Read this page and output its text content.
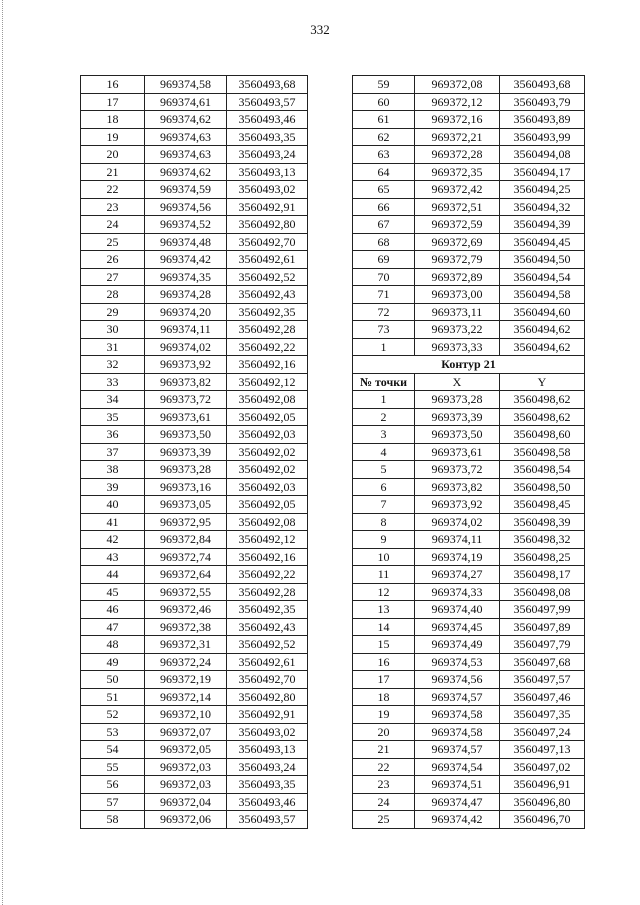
332
16	969374,58	3560493,68
17	969374,61	3560493,57
18	969374,62	3560493,46
19	969374,63	3560493,35
20	969374,63	3560493,24
21	969374,62	3560493,13
22	969374,59	3560493,02
23	969374,56	3560492,91
24	969374,52	3560492,80
25	969374,48	3560492,70
26	969374,42	3560492,61
27	969374,35	3560492,52
28	969374,28	3560492,43
29	969374,20	3560492,35
30	969374,11	3560492,28
31	969374,02	3560492,22
32	969373,92	3560492,16
33	969373,82	3560492,12
34	969373,72	3560492,08
35	969373,61	3560492,05
36	969373,50	3560492,03
37	969373,39	3560492,02
38	969373,28	3560492,02
39	969373,16	3560492,03
40	969373,05	3560492,05
41	969372,95	3560492,08
42	969372,84	3560492,12
43	969372,74	3560492,16
44	969372,64	3560492,22
45	969372,55	3560492,28
46	969372,46	3560492,35
47	969372,38	3560492,43
48	969372,31	3560492,52
49	969372,24	3560492,61
50	969372,19	3560492,70
51	969372,14	3560492,80
52	969372,10	3560492,91
53	969372,07	3560493,02
54	969372,05	3560493,13
55	969372,03	3560493,24
56	969372,03	3560493,35
57	969372,04	3560493,46
58	969372,06	3560493,57
59	969372,08	3560493,68
60	969372,12	3560493,79
61	969372,16	3560493,89
62	969372,21	3560493,99
63	969372,28	3560494,08
64	969372,35	3560494,17
65	969372,42	3560494,25
66	969372,51	3560494,32
67	969372,59	3560494,39
68	969372,69	3560494,45
69	969372,79	3560494,50
70	969372,89	3560494,54
71	969373,00	3560494,58
72	969373,11	3560494,60
73	969373,22	3560494,62
1	969373,33	3560494,62
Контур 21		
№ точки	X	Y
1	969373,28	3560498,62
2	969373,39	3560498,62
3	969373,50	3560498,60
4	969373,61	3560498,58
5	969373,72	3560498,54
6	969373,82	3560498,50
7	969373,92	3560498,45
8	969374,02	3560498,39
9	969374,11	3560498,32
10	969374,19	3560498,25
11	969374,27	3560498,17
12	969374,33	3560498,08
13	969374,40	3560497,99
14	969374,45	3560497,89
15	969374,49	3560497,79
16	969374,53	3560497,68
17	969374,56	3560497,57
18	969374,57	3560497,46
19	969374,58	3560497,35
20	969374,58	3560497,24
21	969374,57	3560497,13
22	969374,54	3560497,02
23	969374,51	3560496,91
24	969374,47	3560496,80
25	969374,42	3560496,70
